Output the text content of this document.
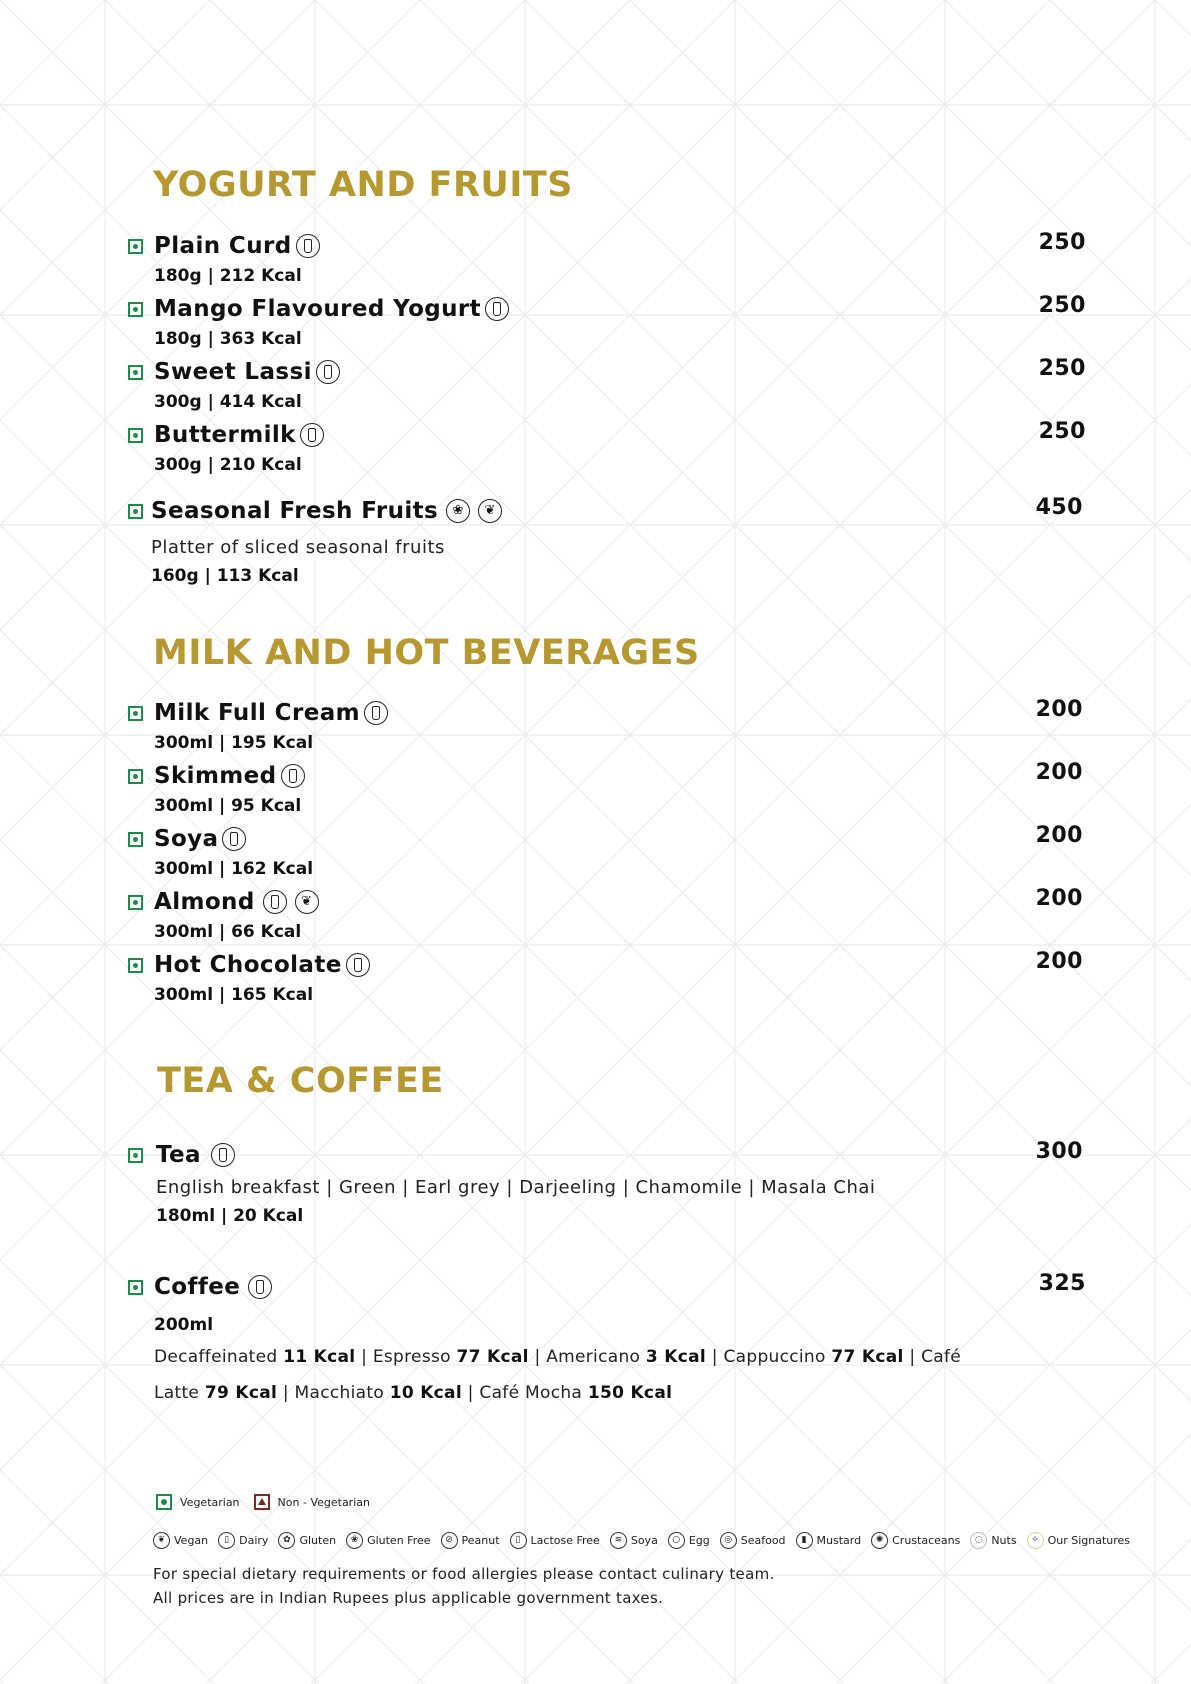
YOGURT AND FRUITS
Plain Curd	250
180g | 212 Kcal
Mango Flavoured Yogurt	250
180g | 363 Kcal
Sweet Lassi	250
300g | 414 Kcal
Buttermilk	250
300g | 210 Kcal
Seasonal Fresh Fruits ❀ ❦	450
Platter of sliced seasonal fruits
160g | 113 Kcal
MILK AND HOT BEVERAGES
Milk Full Cream	200
300ml | 195 Kcal
Skimmed	200
300ml | 95 Kcal
Soya	200
300ml | 162 Kcal
Almond ❦	200
300ml | 66 Kcal
Hot Chocolate	200
300ml | 165 Kcal
TEA & COFFEE
Tea	300
English breakfast | Green | Earl grey | Darjeeling | Chamomile | Masala Chai
180ml | 20 Kcal
Coffee	325
200ml
Decaffeinated 11 Kcal | Espresso 77 Kcal | Americano 3 Kcal | Cappuccino 77 Kcal | Café
Latte 79 Kcal | Macchiato 10 Kcal | Café Mocha 150 Kcal
Vegetarian	Non - Vegetarian
❦ Vegan	▯ Dairy	✿ Gluten	❀ Gluten Free	⊘ Peanut	▯ Lactose Free	≋ Soya	○ Egg	◎ Seafood	▮ Mustard	✺ Crustaceans	◌ Nuts	✧ Our Signatures
For special dietary requirements or food allergies please contact culinary team.
All prices are in Indian Rupees plus applicable government taxes.
